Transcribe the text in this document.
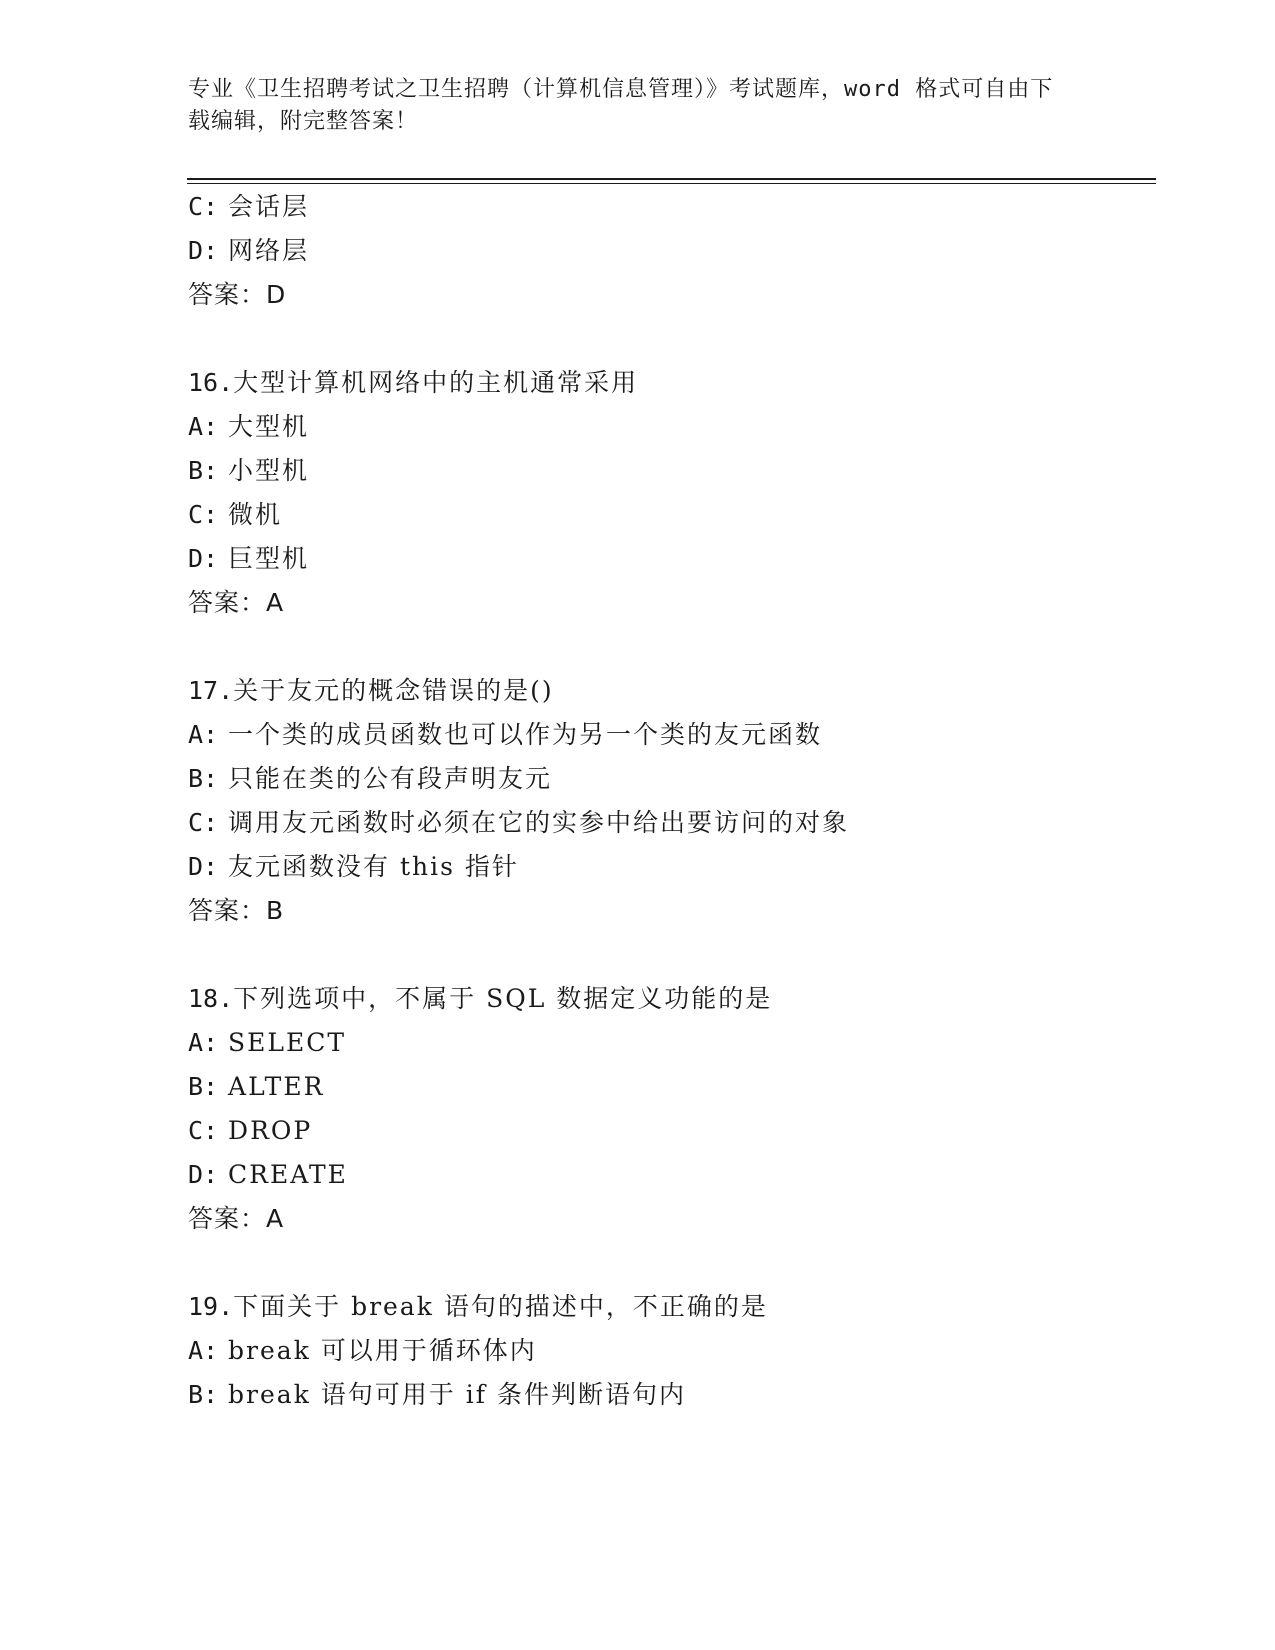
专业《卫生招聘考试之卫生招聘（计算机信息管理）》考试题库，word 格式可自由下载编辑，附完整答案！
C: 会话层
D: 网络层
答案：D
16.大型计算机网络中的主机通常采用
A: 大型机
B: 小型机
C: 微机
D: 巨型机
答案：A
17.关于友元的概念错误的是()
A: 一个类的成员函数也可以作为另一个类的友元函数
B: 只能在类的公有段声明友元
C: 调用友元函数时必须在它的实参中给出要访问的对象
D: 友元函数没有 this 指针
答案：B
18.下列选项中，不属于 SQL 数据定义功能的是
A: SELECT
B: ALTER
C: DROP
D: CREATE
答案：A
19.下面关于 break 语句的描述中，不正确的是
A: break 可以用于循环体内
B: break 语句可用于 if 条件判断语句内
